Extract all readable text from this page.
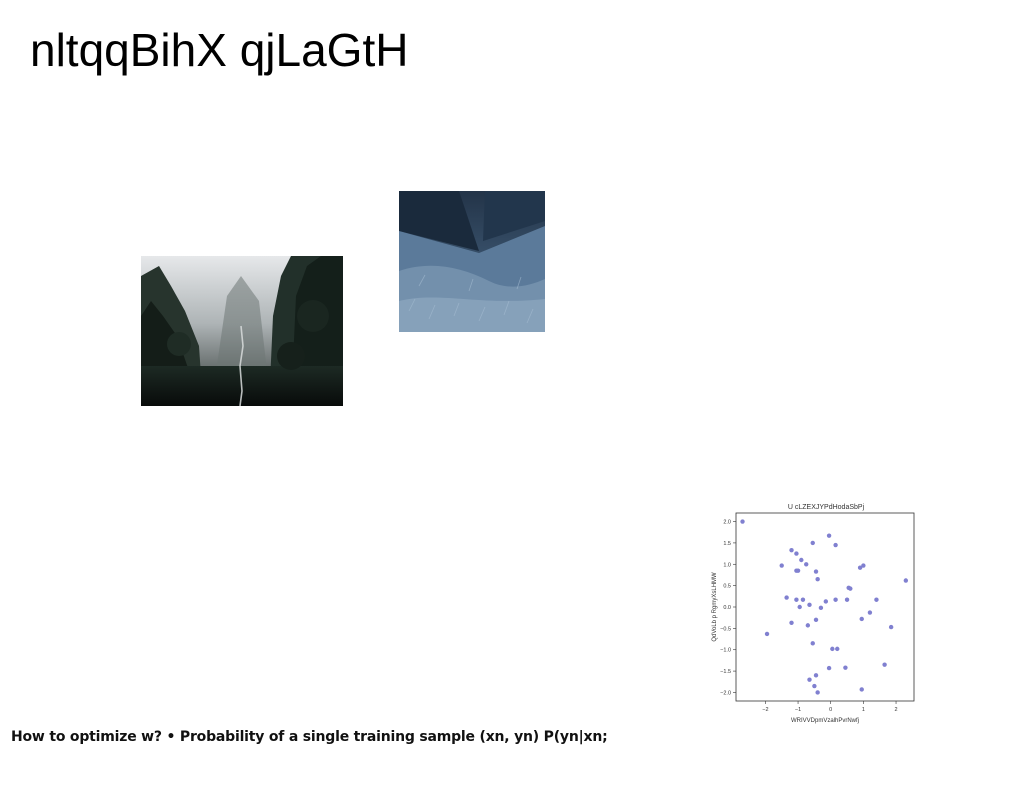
nltqqBihX qjLaGtH
U cLZEXJYPdHodaSbPj
−2	−1	0	1	2
−2.0
−1.5
−1.0
−0.5
0.0
0.5
1.0
1.5
2.0
WRIVVDpmVzalhPvrNwfj
QdVoLb p RgmyXsLHMW

How to optimize w? • Probability of a single training sample (xn, yn) P(yn|xn;
